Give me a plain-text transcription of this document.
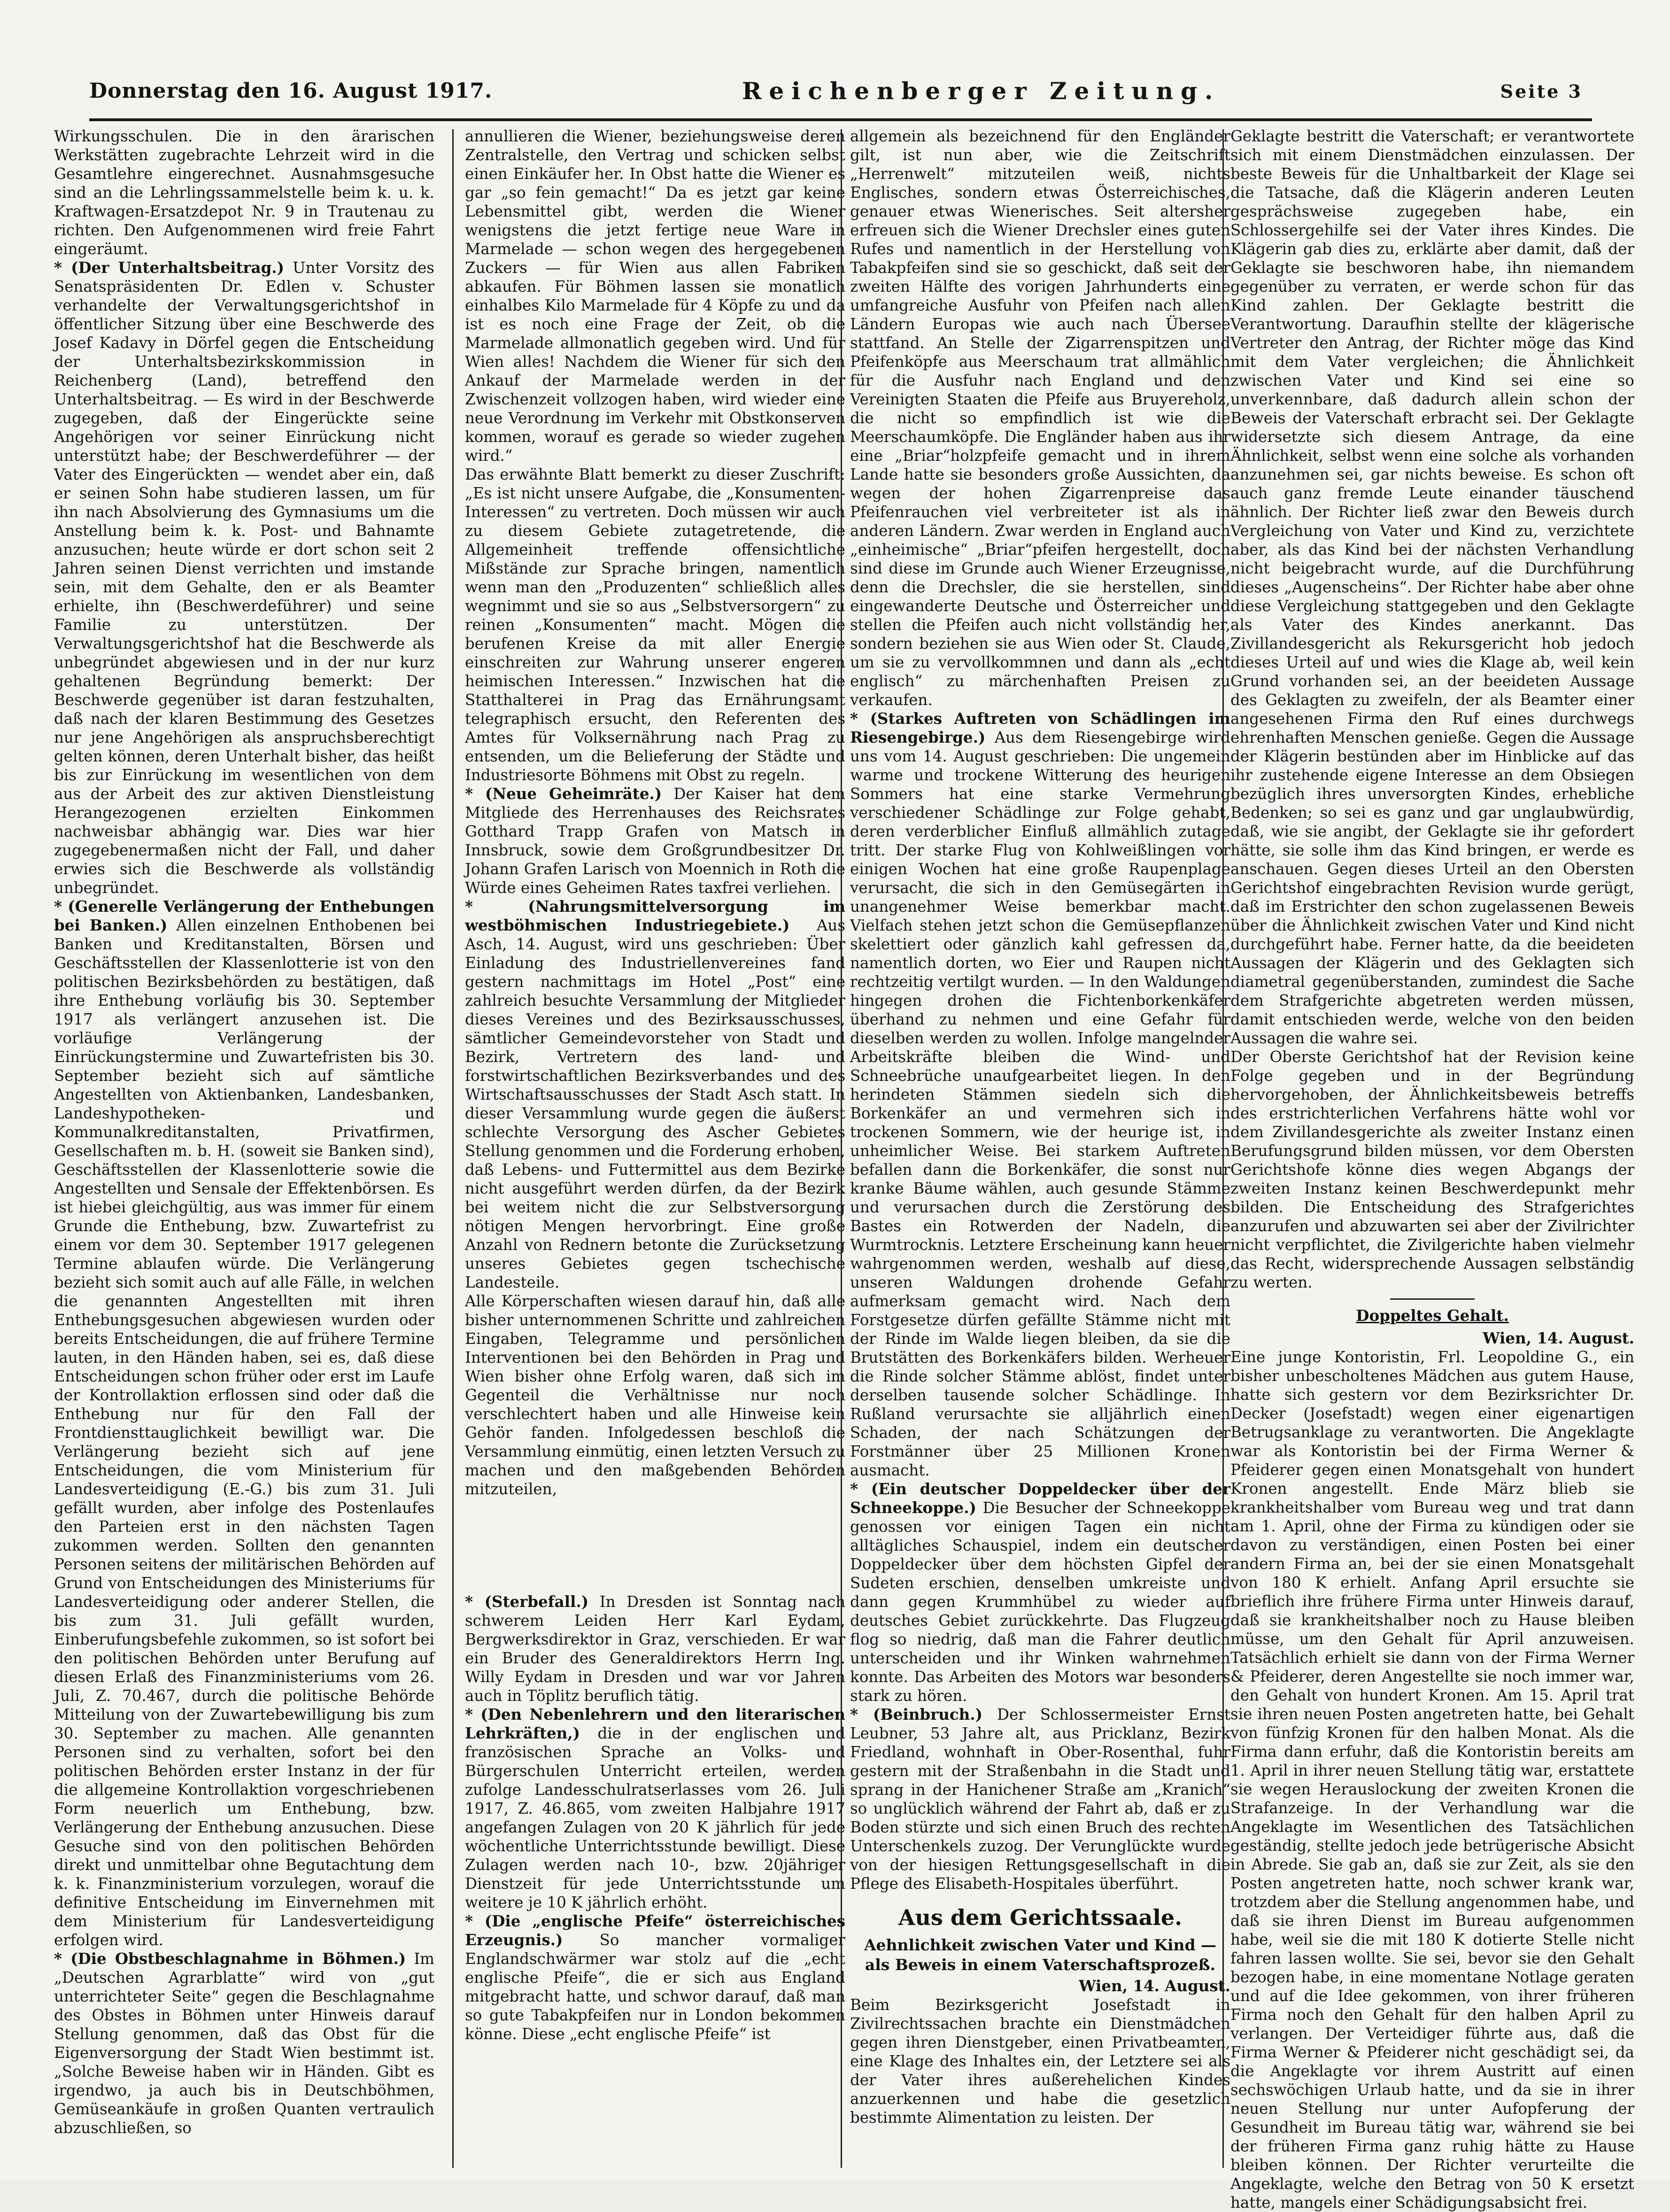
Donnerstag den 16. August 1917.	Reichenberger Zeitung.	Seite 3

Wirkungsschulen. Die in den ärarischen Werkstätten zugebrachte Lehrzeit wird in die Gesamtlehre eingerechnet. Ausnahmsgesuche sind an die Lehrlingssammelstelle beim k. u. k. Kraftwagen-Ersatzdepot Nr. 9 in Trautenau zu richten. Den Aufgenommenen wird freie Fahrt eingeräumt.

* (Der Unterhaltsbeitrag.) Unter Vorsitz des Senatspräsidenten Dr. Edlen v. Schuster verhandelte der Verwaltungsgerichtshof in öffentlicher Sitzung über eine Beschwerde des Josef Kadavy in Dörfel gegen die Entscheidung der Unterhaltsbezirkskommission in Reichenberg (Land), betreffend den Unterhaltsbeitrag. — Es wird in der Beschwerde zugegeben, daß der Eingerückte seine Angehörigen vor seiner Einrückung nicht unterstützt habe; der Beschwerdeführer — der Vater des Eingerückten — wendet aber ein, daß er seinen Sohn habe studieren lassen, um für ihn nach Absolvierung des Gymnasiums um die Anstellung beim k. k. Post- und Bahnamte anzusuchen; heute würde er dort schon seit 2 Jahren seinen Dienst verrichten und imstande sein, mit dem Gehalte, den er als Beamter erhielte, ihn (Beschwerdeführer) und seine Familie zu unterstützen. Der Verwaltungsgerichtshof hat die Beschwerde als unbegründet abgewiesen und in der nur kurz gehaltenen Begründung bemerkt: Der Beschwerde gegenüber ist daran festzuhalten, daß nach der klaren Bestimmung des Gesetzes nur jene Angehörigen als anspruchsberechtigt gelten können, deren Unterhalt bisher, das heißt bis zur Einrückung im wesentlichen von dem aus der Arbeit des zur aktiven Dienstleistung Herangezogenen erzielten Einkommen nachweisbar abhängig war. Dies war hier zugegebenermaßen nicht der Fall, und daher erwies sich die Beschwerde als vollständig unbegründet.

* (Generelle Verlängerung der Enthebungen bei Banken.) Allen einzelnen Enthobenen bei Banken und Kreditanstalten, Börsen und Geschäftsstellen der Klassenlotterie ist von den politischen Bezirksbehörden zu bestätigen, daß ihre Enthebung vorläufig bis 30. September 1917 als verlängert anzusehen ist. Die vorläufige Verlängerung der Einrückungstermine und Zuwartefristen bis 30. September bezieht sich auf sämtliche Angestellten von Aktienbanken, Landesbanken, Landeshypotheken- und Kommunalkreditanstalten, Privatfirmen, Gesellschaften m. b. H. (soweit sie Banken sind), Geschäftsstellen der Klassenlotterie sowie die Angestellten und Sensale der Effektenbörsen. Es ist hiebei gleichgültig, aus was immer für einem Grunde die Enthebung, bzw. Zuwartefrist zu einem vor dem 30. September 1917 gelegenen Termine ablaufen würde. Die Verlängerung bezieht sich somit auch auf alle Fälle, in welchen die genannten Angestellten mit ihren Enthebungsgesuchen abgewiesen wurden oder bereits Entscheidungen, die auf frühere Termine lauten, in den Händen haben, sei es, daß diese Entscheidungen schon früher oder erst im Laufe der Kontrollaktion erflossen sind oder daß die Enthebung nur für den Fall der Frontdiensttauglichkeit bewilligt war. Die Verlängerung bezieht sich auf jene Entscheidungen, die vom Ministerium für Landesverteidigung (E.-G.) bis zum 31. Juli gefällt wurden, aber infolge des Postenlaufes den Parteien erst in den nächsten Tagen zukommen werden. Sollten den genannten Personen seitens der militärischen Behörden auf Grund von Entscheidungen des Ministeriums für Landesverteidigung oder anderer Stellen, die bis zum 31. Juli gefällt wurden, Einberufungsbefehle zukommen, so ist sofort bei den politischen Behörden unter Berufung auf diesen Erlaß des Finanzministeriums vom 26. Juli, Z. 70.467, durch die politische Behörde Mitteilung von der Zuwartebewilligung bis zum 30. September zu machen. Alle genannten Personen sind zu verhalten, sofort bei den politischen Behörden erster Instanz in der für die allgemeine Kontrollaktion vorgeschriebenen Form neuerlich um Enthebung, bzw. Verlängerung der Enthebung anzusuchen. Diese Gesuche sind von den politischen Behörden direkt und unmittelbar ohne Begutachtung dem k. k. Finanzministerium vorzulegen, worauf die definitive Entscheidung im Einvernehmen mit dem Ministerium für Landesverteidigung erfolgen wird.

* (Die Obstbeschlagnahme in Böhmen.) Im „Deutschen Agrarblatte“ wird von „gut unterrichteter Seite“ gegen die Beschlagnahme des Obstes in Böhmen unter Hinweis darauf Stellung genommen, daß das Obst für die Eigenversorgung der Stadt Wien bestimmt ist. „Solche Beweise haben wir in Händen. Gibt es irgendwo, ja auch bis in Deutschböhmen, Gemüseankäufe in großen Quanten vertraulich abzuschließen, so

annullieren die Wiener, beziehungsweise deren Zentralstelle, den Vertrag und schicken selbst einen Einkäufer her. In Obst hatte die Wiener es gar „so fein gemacht!“ Da es jetzt gar keine Lebensmittel gibt, werden die Wiener wenigstens die jetzt fertige neue Ware in Marmelade — schon wegen des hergegebenen Zuckers — für Wien aus allen Fabriken abkaufen. Für Böhmen lassen sie monatlich einhalbes Kilo Marmelade für 4 Köpfe zu und da ist es noch eine Frage der Zeit, ob die Marmelade allmonatlich gegeben wird. Und für Wien alles! Nachdem die Wiener für sich den Ankauf der Marmelade werden in der Zwischenzeit vollzogen haben, wird wieder eine neue Verordnung im Verkehr mit Obstkonserven kommen, worauf es gerade so wieder zugehen wird.“

Das erwähnte Blatt bemerkt zu dieser Zuschrift: „Es ist nicht unsere Aufgabe, die „Konsumenten-Interessen“ zu vertreten. Doch müssen wir auch zu diesem Gebiete zutagetretende, die Allgemeinheit treffende offensichtliche Mißstände zur Sprache bringen, namentlich wenn man den „Produzenten“ schließlich alles wegnimmt und sie so aus „Selbstversorgern“ zu reinen „Konsumenten“ macht. Mögen die berufenen Kreise da mit aller Energie einschreiten zur Wahrung unserer engeren heimischen Interessen.“ Inzwischen hat die Statthalterei in Prag das Ernährungsamt telegraphisch ersucht, den Referenten des Amtes für Volksernährung nach Prag zu entsenden, um die Belieferung der Städte und Industriesorte Böhmens mit Obst zu regeln.

* (Neue Geheimräte.) Der Kaiser hat dem Mitgliede des Herrenhauses des Reichsrates Gotthard Trapp Grafen von Matsch in Innsbruck, sowie dem Großgrundbesitzer Dr. Johann Grafen Larisch von Moennich in Roth die Würde eines Geheimen Rates taxfrei verliehen.

* (Nahrungsmittelversorgung im westböhmischen Industriegebiete.) Aus Asch, 14. August, wird uns geschrieben: Über Einladung des Industriellenvereines fand gestern nachmittags im Hotel „Post“ eine zahlreich besuchte Versammlung der Mitglieder dieses Vereines und des Bezirksausschusses, sämtlicher Gemeindevorsteher von Stadt und Bezirk, Vertretern des land- und forstwirtschaftlichen Bezirksverbandes und des Wirtschaftsausschusses der Stadt Asch statt. In dieser Versammlung wurde gegen die äußerst schlechte Versorgung des Ascher Gebietes Stellung genommen und die Forderung erhoben, daß Lebens- und Futtermittel aus dem Bezirke nicht ausgeführt werden dürfen, da der Bezirk bei weitem nicht die zur Selbstversorgung nötigen Mengen hervorbringt. Eine große Anzahl von Rednern betonte die Zurücksetzung unseres Gebietes gegen tschechische Landesteile.

Alle Körperschaften wiesen darauf hin, daß alle bisher unternommenen Schritte und zahlreichen Eingaben, Telegramme und persönlichen Interventionen bei den Behörden in Prag und Wien bisher ohne Erfolg waren, daß sich im Gegenteil die Verhältnisse nur noch verschlechtert haben und alle Hinweise kein Gehör fanden. Infolgedessen beschloß die Versammlung einmütig, einen letzten Versuch zu machen und den maßgebenden Behörden mitzuteilen,

* (Sterbefall.) In Dresden ist Sonntag nach schwerem Leiden Herr Karl Eydam, Bergwerksdirektor in Graz, verschieden. Er war ein Bruder des Generaldirektors Herrn Ing. Willy Eydam in Dresden und war vor Jahren auch in Töplitz beruflich tätig.

* (Den Nebenlehrern und den literarischen Lehrkräften,) die in der englischen und französischen Sprache an Volks- und Bürgerschulen Unterricht erteilen, werden zufolge Landesschulratserlasses vom 26. Juli 1917, Z. 46.865, vom zweiten Halbjahre 1917 angefangen Zulagen von 20 K jährlich für jede wöchentliche Unterrichtsstunde bewilligt. Diese Zulagen werden nach 10-, bzw. 20jähriger Dienstzeit für jede Unterrichtsstunde um weitere je 10 K jährlich erhöht.

* (Die „englische Pfeife“ österreichisches Erzeugnis.) So mancher vormaliger Englandschwärmer war stolz auf die „echt englische Pfeife“, die er sich aus England mitgebracht hatte, und schwor darauf, daß man so gute Tabakpfeifen nur in London bekommen könne. Diese „echt englische Pfeife“ ist

allgemein als bezeichnend für den Engländer gilt, ist nun aber, wie die Zeitschrift „Herrenwelt“ mitzuteilen weiß, nichts Englisches, sondern etwas Österreichisches, genauer etwas Wienerisches. Seit altersher erfreuen sich die Wiener Drechsler eines guten Rufes und namentlich in der Herstellung von Tabakpfeifen sind sie so geschickt, daß seit der zweiten Hälfte des vorigen Jahrhunderts eine umfangreiche Ausfuhr von Pfeifen nach allen Ländern Europas wie auch nach Übersee stattfand. An Stelle der Zigarrenspitzen und Pfeifenköpfe aus Meerschaum trat allmählich für die Ausfuhr nach England und den Vereinigten Staaten die Pfeife aus Bruyereholz, die nicht so empfindlich ist wie die Meerschaumköpfe. Die Engländer haben aus ihr eine „Briar“holzpfeife gemacht und in ihrem Lande hatte sie besonders große Aussichten, da wegen der hohen Zigarrenpreise das Pfeifenrauchen viel verbreiteter ist als in anderen Ländern. Zwar werden in England auch „einheimische“ „Briar“pfeifen hergestellt, doch sind diese im Grunde auch Wiener Erzeugnisse, denn die Drechsler, die sie herstellen, sind eingewanderte Deutsche und Österreicher und stellen die Pfeifen auch nicht vollständig her, sondern beziehen sie aus Wien oder St. Claude, um sie zu vervollkommnen und dann als „echt englisch“ zu märchenhaften Preisen zu verkaufen.

* (Starkes Auftreten von Schädlingen im Riesengebirge.) Aus dem Riesengebirge wird uns vom 14. August geschrieben: Die ungemein warme und trockene Witterung des heurigen Sommers hat eine starke Vermehrung verschiedener Schädlinge zur Folge gehabt, deren verderblicher Einfluß allmählich zutage tritt. Der starke Flug von Kohlweißlingen vor einigen Wochen hat eine große Raupenplage verursacht, die sich in den Gemüsegärten in unangenehmer Weise bemerkbar macht. Vielfach stehen jetzt schon die Gemüsepflanzen skelettiert oder gänzlich kahl gefressen da, namentlich dorten, wo Eier und Raupen nicht rechtzeitig vertilgt wurden. — In den Waldungen hingegen drohen die Fichtenborkenkäfer überhand zu nehmen und eine Gefahr für dieselben werden zu wollen. Infolge mangelnder Arbeitskräfte bleiben die Wind- und Schneebrüche unaufgearbeitet liegen. In den herindeten Stämmen siedeln sich die Borkenkäfer an und vermehren sich in trockenen Sommern, wie der heurige ist, in unheimlicher Weise. Bei starkem Auftreten befallen dann die Borkenkäfer, die sonst nur kranke Bäume wählen, auch gesunde Stämme und verursachen durch die Zerstörung des Bastes ein Rotwerden der Nadeln, die Wurmtrocknis. Letztere Erscheinung kann heuer wahrgenommen werden, weshalb auf diese, unseren Waldungen drohende Gefahr aufmerksam gemacht wird. Nach dem Forstgesetze dürfen gefällte Stämme nicht mit der Rinde im Walde liegen bleiben, da sie die Brutstätten des Borkenkäfers bilden. Werheuer die Rinde solcher Stämme ablöst, findet unter derselben tausende solcher Schädlinge. In Rußland verursachte sie alljährlich einen Schaden, der nach Schätzungen der Forstmänner über 25 Millionen Kronen ausmacht.

* (Ein deutscher Doppeldecker über der Schneekoppe.) Die Besucher der Schneekoppe genossen vor einigen Tagen ein nicht alltägliches Schauspiel, indem ein deutscher Doppeldecker über dem höchsten Gipfel der Sudeten erschien, denselben umkreiste und dann gegen Krummhübel zu wieder auf deutsches Gebiet zurückkehrte. Das Flugzeug flog so niedrig, daß man die Fahrer deutlich unterscheiden und ihr Winken wahrnehmen konnte. Das Arbeiten des Motors war besonders stark zu hören.

* (Beinbruch.) Der Schlossermeister Ernst Leubner, 53 Jahre alt, aus Pricklanz, Bezirk Friedland, wohnhaft in Ober-Rosenthal, fuhr gestern mit der Straßenbahn in die Stadt und sprang in der Hanichener Straße am „Kranich“ so unglücklich während der Fahrt ab, daß er zu Boden stürzte und sich einen Bruch des rechten Unterschenkels zuzog. Der Verunglückte wurde von der hiesigen Rettungsgesellschaft in die Pflege des Elisabeth-Hospitales überführt.

Aus dem Gerichtssaale.
Aehnlichkeit zwischen Vater und Kind — als Beweis in einem Vaterschaftsprozeß.

Wien, 14. August.

Beim Bezirksgericht Josefstadt in Zivilrechtssachen brachte ein Dienstmädchen gegen ihren Dienstgeber, einen Privatbeamten, eine Klage des Inhaltes ein, der Letztere sei als der Vater ihres außerehelichen Kindes anzuerkennen und habe die gesetzlich bestimmte Alimentation zu leisten. Der

Geklagte bestritt die Vaterschaft; er verantwortete sich mit einem Dienstmädchen einzulassen. Der beste Beweis für die Unhaltbarkeit der Klage sei die Tatsache, daß die Klägerin anderen Leuten gesprächsweise zugegeben habe, ein Schlossergehilfe sei der Vater ihres Kindes. Die Klägerin gab dies zu, erklärte aber damit, daß der Geklagte sie beschworen habe, ihn niemandem gegenüber zu verraten, er werde schon für das Kind zahlen. Der Geklagte bestritt die Verantwortung. Daraufhin stellte der klägerische Vertreter den Antrag, der Richter möge das Kind mit dem Vater vergleichen; die Ähnlichkeit zwischen Vater und Kind sei eine so unverkennbare, daß dadurch allein schon der Beweis der Vaterschaft erbracht sei. Der Geklagte widersetzte sich diesem Antrage, da eine Ähnlichkeit, selbst wenn eine solche als vorhanden anzunehmen sei, gar nichts beweise. Es schon oft auch ganz fremde Leute einander täuschend ähnlich. Der Richter ließ zwar den Beweis durch Vergleichung von Vater und Kind zu, verzichtete aber, als das Kind bei der nächsten Verhandlung nicht beigebracht wurde, auf die Durchführung dieses „Augenscheins“. Der Richter habe aber ohne diese Vergleichung stattgegeben und den Geklagte als Vater des Kindes anerkannt. Das Zivillandesgericht als Rekursgericht hob jedoch dieses Urteil auf und wies die Klage ab, weil kein Grund vorhanden sei, an der beeideten Aussage des Geklagten zu zweifeln, der als Beamter einer angesehenen Firma den Ruf eines durchwegs ehrenhaften Menschen genieße. Gegen die Aussage der Klägerin bestünden aber im Hinblicke auf das ihr zustehende eigene Interesse an dem Obsiegen bezüglich ihres unversorgten Kindes, erhebliche Bedenken; so sei es ganz und gar unglaubwürdig, daß, wie sie angibt, der Geklagte sie ihr gefordert hätte, sie solle ihm das Kind bringen, er werde es anschauen. Gegen dieses Urteil an den Obersten Gerichtshof eingebrachten Revision wurde gerügt, daß im Erstrichter den schon zugelassenen Beweis über die Ähnlichkeit zwischen Vater und Kind nicht durchgeführt habe. Ferner hatte, da die beeideten Aussagen der Klägerin und des Geklagten sich diametral gegenüberstanden, zumindest die Sache dem Strafgerichte abgetreten werden müssen, damit entschieden werde, welche von den beiden Aussagen die wahre sei.

Der Oberste Gerichtshof hat der Revision keine Folge gegeben und in der Begründung hervorgehoben, der Ähnlichkeitsbeweis betreffs des erstrichterlichen Verfahrens hätte wohl vor dem Zivillandesgerichte als zweiter Instanz einen Berufungsgrund bilden müssen, vor dem Obersten Gerichtshofe könne dies wegen Abgangs der zweiten Instanz keinen Beschwerdepunkt mehr bilden. Die Entscheidung des Strafgerichtes anzurufen und abzuwarten sei aber der Zivilrichter nicht verpflichtet, die Zivilgerichte haben vielmehr das Recht, widersprechende Aussagen selbständig zu werten.

Doppeltes Gehalt.

Wien, 14. August.

Eine junge Kontoristin, Frl. Leopoldine G., ein bisher unbescholtenes Mädchen aus gutem Hause, hatte sich gestern vor dem Bezirksrichter Dr. Decker (Josefstadt) wegen einer eigenartigen Betrugsanklage zu verantworten. Die Angeklagte war als Kontoristin bei der Firma Werner & Pfeiderer gegen einen Monatsgehalt von hundert Kronen angestellt. Ende März blieb sie krankheitshalber vom Bureau weg und trat dann am 1. April, ohne der Firma zu kündigen oder sie davon zu verständigen, einen Posten bei einer andern Firma an, bei der sie einen Monatsgehalt von 180 K erhielt. Anfang April ersuchte sie brieflich ihre frühere Firma unter Hinweis darauf, daß sie krankheitshalber noch zu Hause bleiben müsse, um den Gehalt für April anzuweisen. Tatsächlich erhielt sie dann von der Firma Werner & Pfeiderer, deren Angestellte sie noch immer war, den Gehalt von hundert Kronen. Am 15. April trat sie ihren neuen Posten angetreten hatte, bei Gehalt von fünfzig Kronen für den halben Monat. Als die Firma dann erfuhr, daß die Kontoristin bereits am 1. April in ihrer neuen Stellung tätig war, erstattete sie wegen Herauslockung der zweiten Kronen die Strafanzeige. In der Verhandlung war die Angeklagte im Wesentlichen des Tatsächlichen geständig, stellte jedoch jede betrügerische Absicht in Abrede. Sie gab an, daß sie zur Zeit, als sie den Posten angetreten hatte, noch schwer krank war, trotzdem aber die Stellung angenommen habe, und daß sie ihren Dienst im Bureau aufgenommen habe, weil sie die mit 180 K dotierte Stelle nicht fahren lassen wollte. Sie sei, bevor sie den Gehalt bezogen habe, in eine momentane Notlage geraten und auf die Idee gekommen, von ihrer früheren Firma noch den Gehalt für den halben April zu verlangen. Der Verteidiger führte aus, daß die Firma Werner & Pfeiderer nicht geschädigt sei, da die Angeklagte vor ihrem Austritt auf einen sechswöchigen Urlaub hatte, und da sie in ihrer neuen Stellung nur unter Aufopferung der Gesundheit im Bureau tätig war, während sie bei der früheren Firma ganz ruhig hätte zu Hause bleiben können. Der Richter verurteilte die Angeklagte, welche den Betrag von 50 K ersetzt hatte, mangels einer Schädigungsabsicht frei.
